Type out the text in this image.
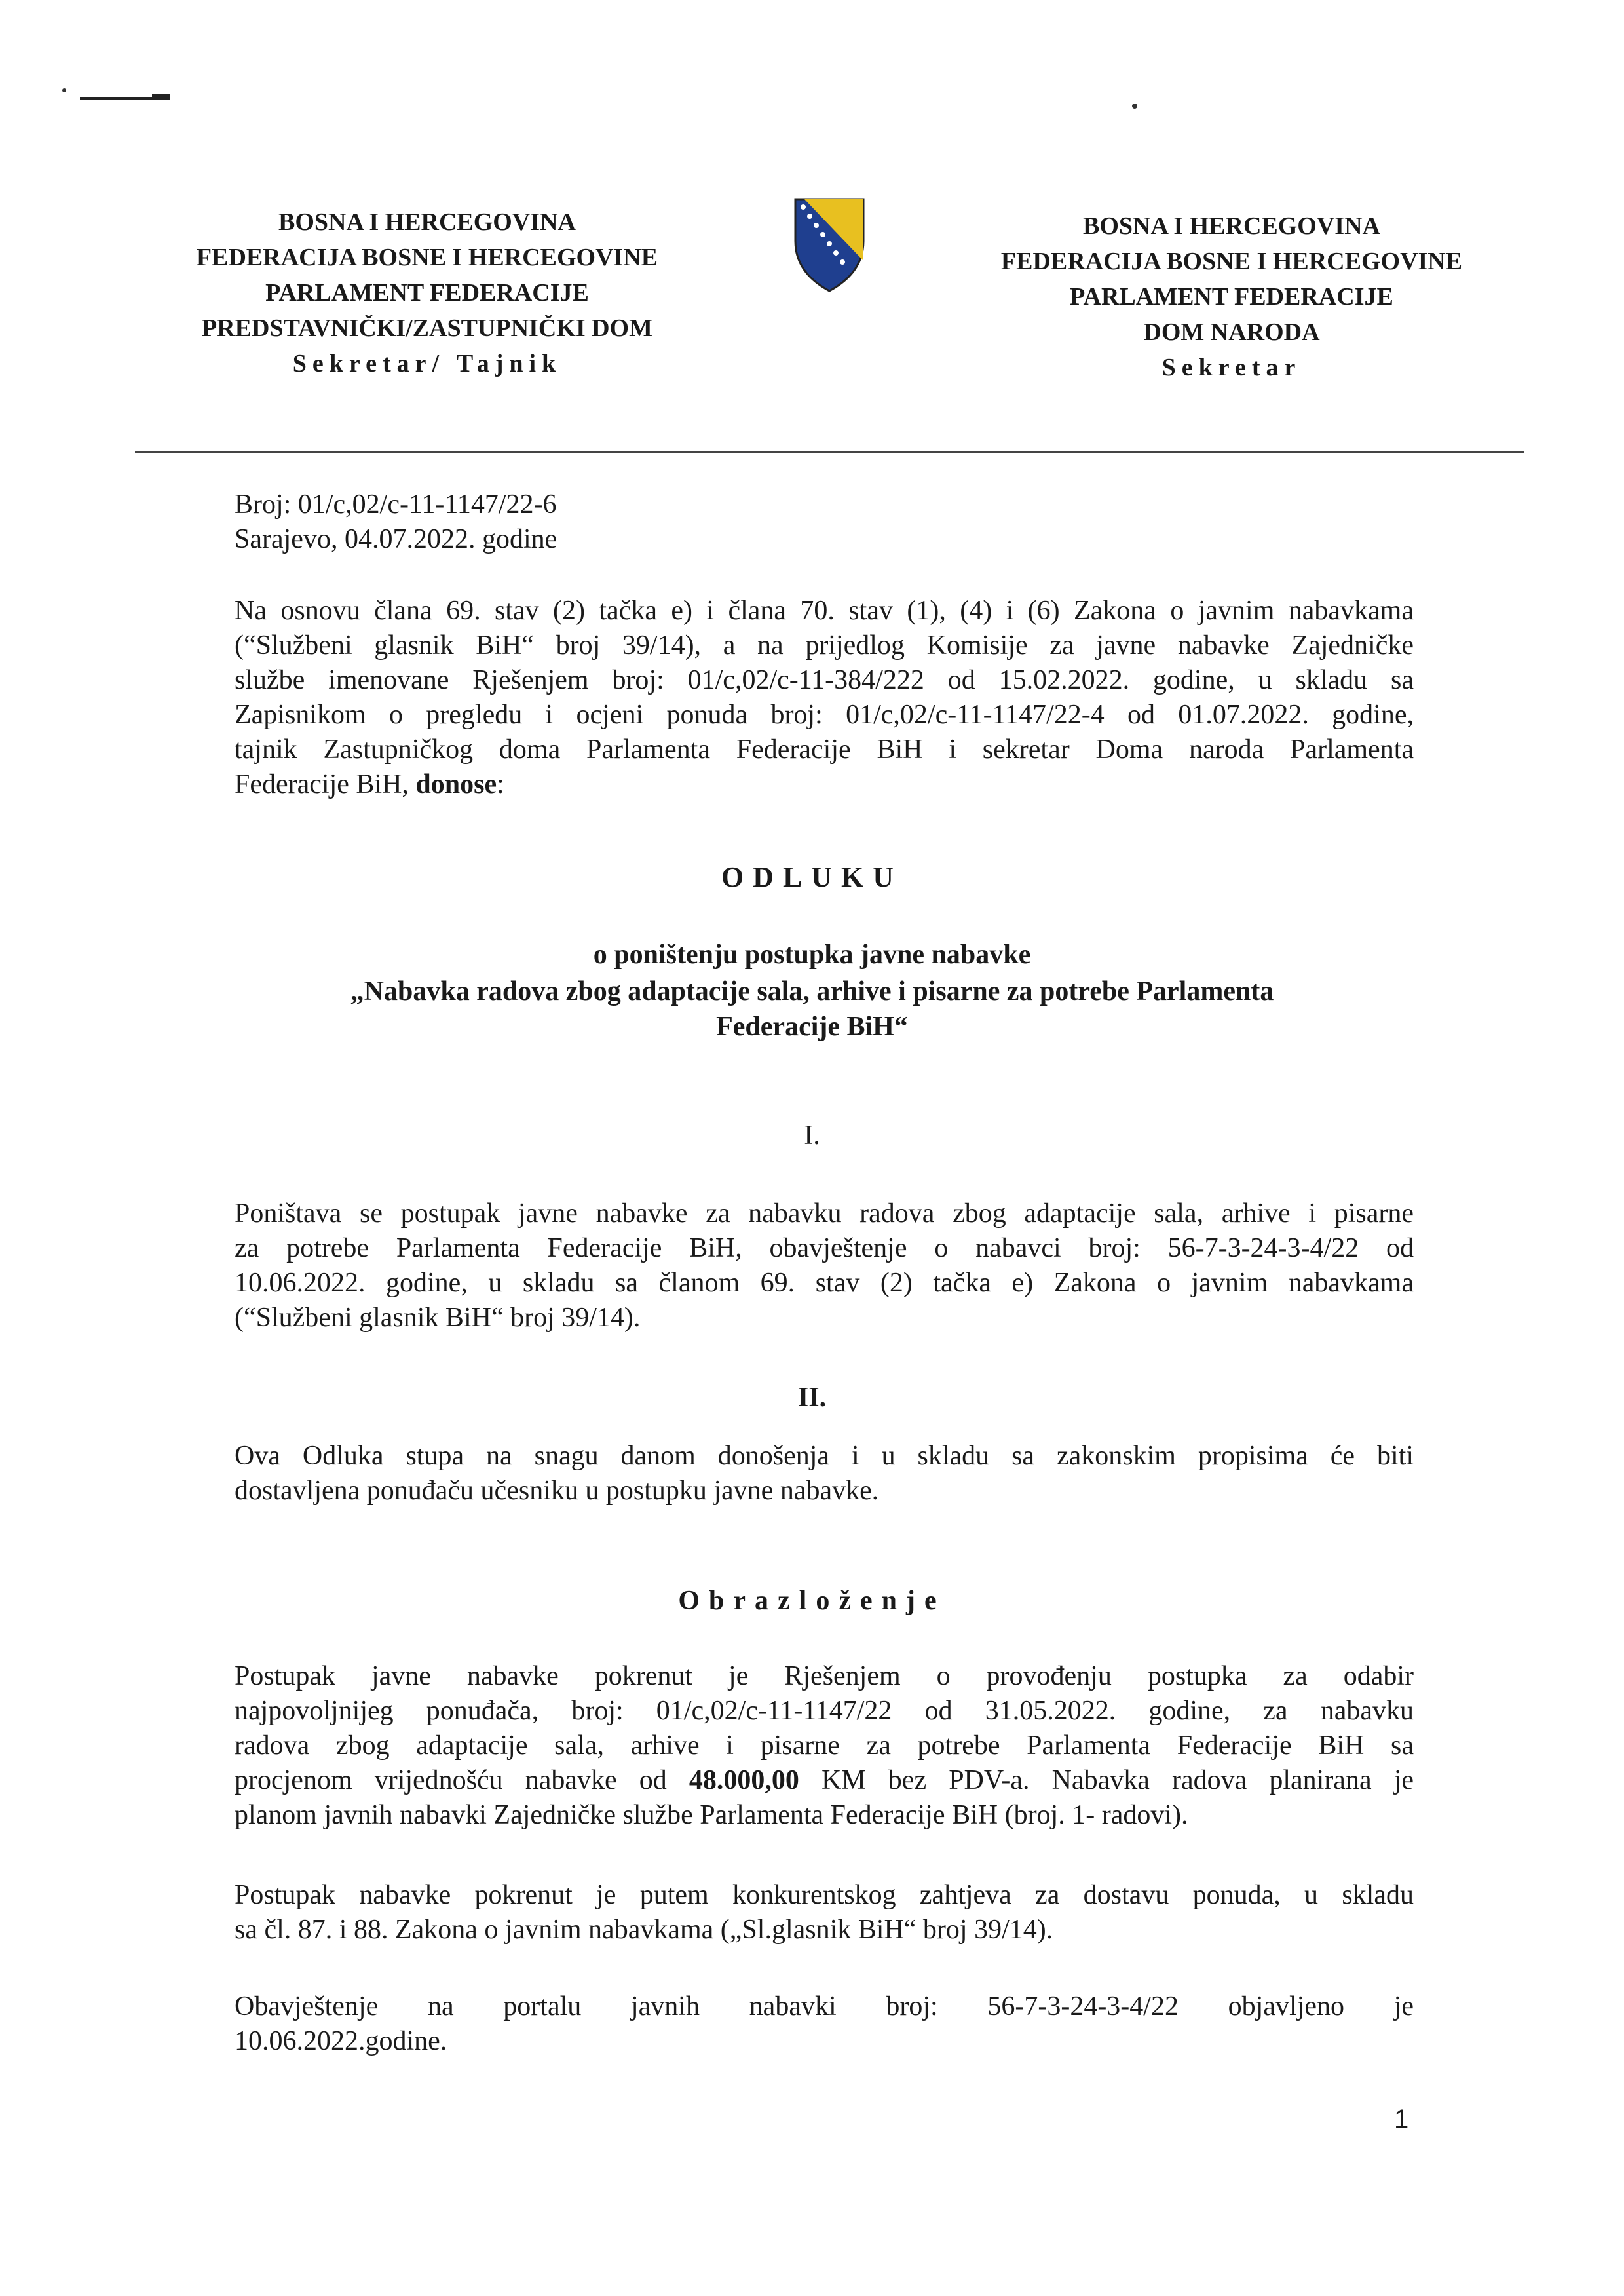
BOSNA I HERCEGOVINA
FEDERACIJA BOSNE I HERCEGOVINE
PARLAMENT FEDERACIJE
PREDSTAVNIČKI/ZASTUPNIČKI DOM
Sekretar/ Tajnik
BOSNA I HERCEGOVINA
FEDERACIJA BOSNE I HERCEGOVINE
PARLAMENT FEDERACIJE
DOM NARODA
Sekretar
Broj: 01/c,02/c-11-1147/22-6
Sarajevo, 04.07.2022. godine
Na osnovu člana 69. stav (2) tačka e) i člana 70. stav (1), (4) i (6) Zakona o javnim nabavkama
(“Službeni glasnik BiH“ broj 39/14), a na prijedlog Komisije za javne nabavke Zajedničke
službe imenovane Rješenjem broj: 01/c,02/c-11-384/222 od 15.02.2022. godine, u skladu sa
Zapisnikom o pregledu i ocjeni ponuda broj: 01/c,02/c-11-1147/22-4 od 01.07.2022. godine,
tajnik Zastupničkog doma Parlamenta Federacije BiH i sekretar Doma naroda Parlamenta
Federacije BiH, donose:
ODLUKU
o poništenju postupka javne nabavke
„Nabavka radova zbog adaptacije sala, arhive i pisarne za potrebe Parlamenta
Federacije BiH“
I.
Poništava se postupak javne nabavke za nabavku radova zbog adaptacije sala, arhive i pisarne
za potrebe Parlamenta Federacije BiH, obavještenje o nabavci broj: 56-7-3-24-3-4/22 od
10.06.2022. godine, u skladu sa članom 69. stav (2) tačka e) Zakona o javnim nabavkama
(“Službeni glasnik BiH“ broj 39/14).
II.
Ova Odluka stupa na snagu danom donošenja i u skladu sa zakonskim propisima će biti
dostavljena ponuđaču učesniku u postupku javne nabavke.
Obrazloženje
Postupak javne nabavke pokrenut je Rješenjem o provođenju postupka za odabir
najpovoljnijeg ponuđača, broj: 01/c,02/c-11-1147/22 od 31.05.2022. godine, za nabavku
radova zbog adaptacije sala, arhive i pisarne za potrebe Parlamenta Federacije BiH sa
procjenom vrijednošću nabavke od 48.000,00 KM bez PDV-a. Nabavka radova planirana je
planom javnih nabavki Zajedničke službe Parlamenta Federacije BiH (broj. 1- radovi).
Postupak nabavke pokrenut je putem konkurentskog zahtjeva za dostavu ponuda, u skladu
sa čl. 87. i 88. Zakona o javnim nabavkama („Sl.glasnik BiH“ broj 39/14).
Obavještenje na portalu javnih nabavki broj: 56-7-3-24-3-4/22 objavljeno je
10.06.2022.godine.
1
